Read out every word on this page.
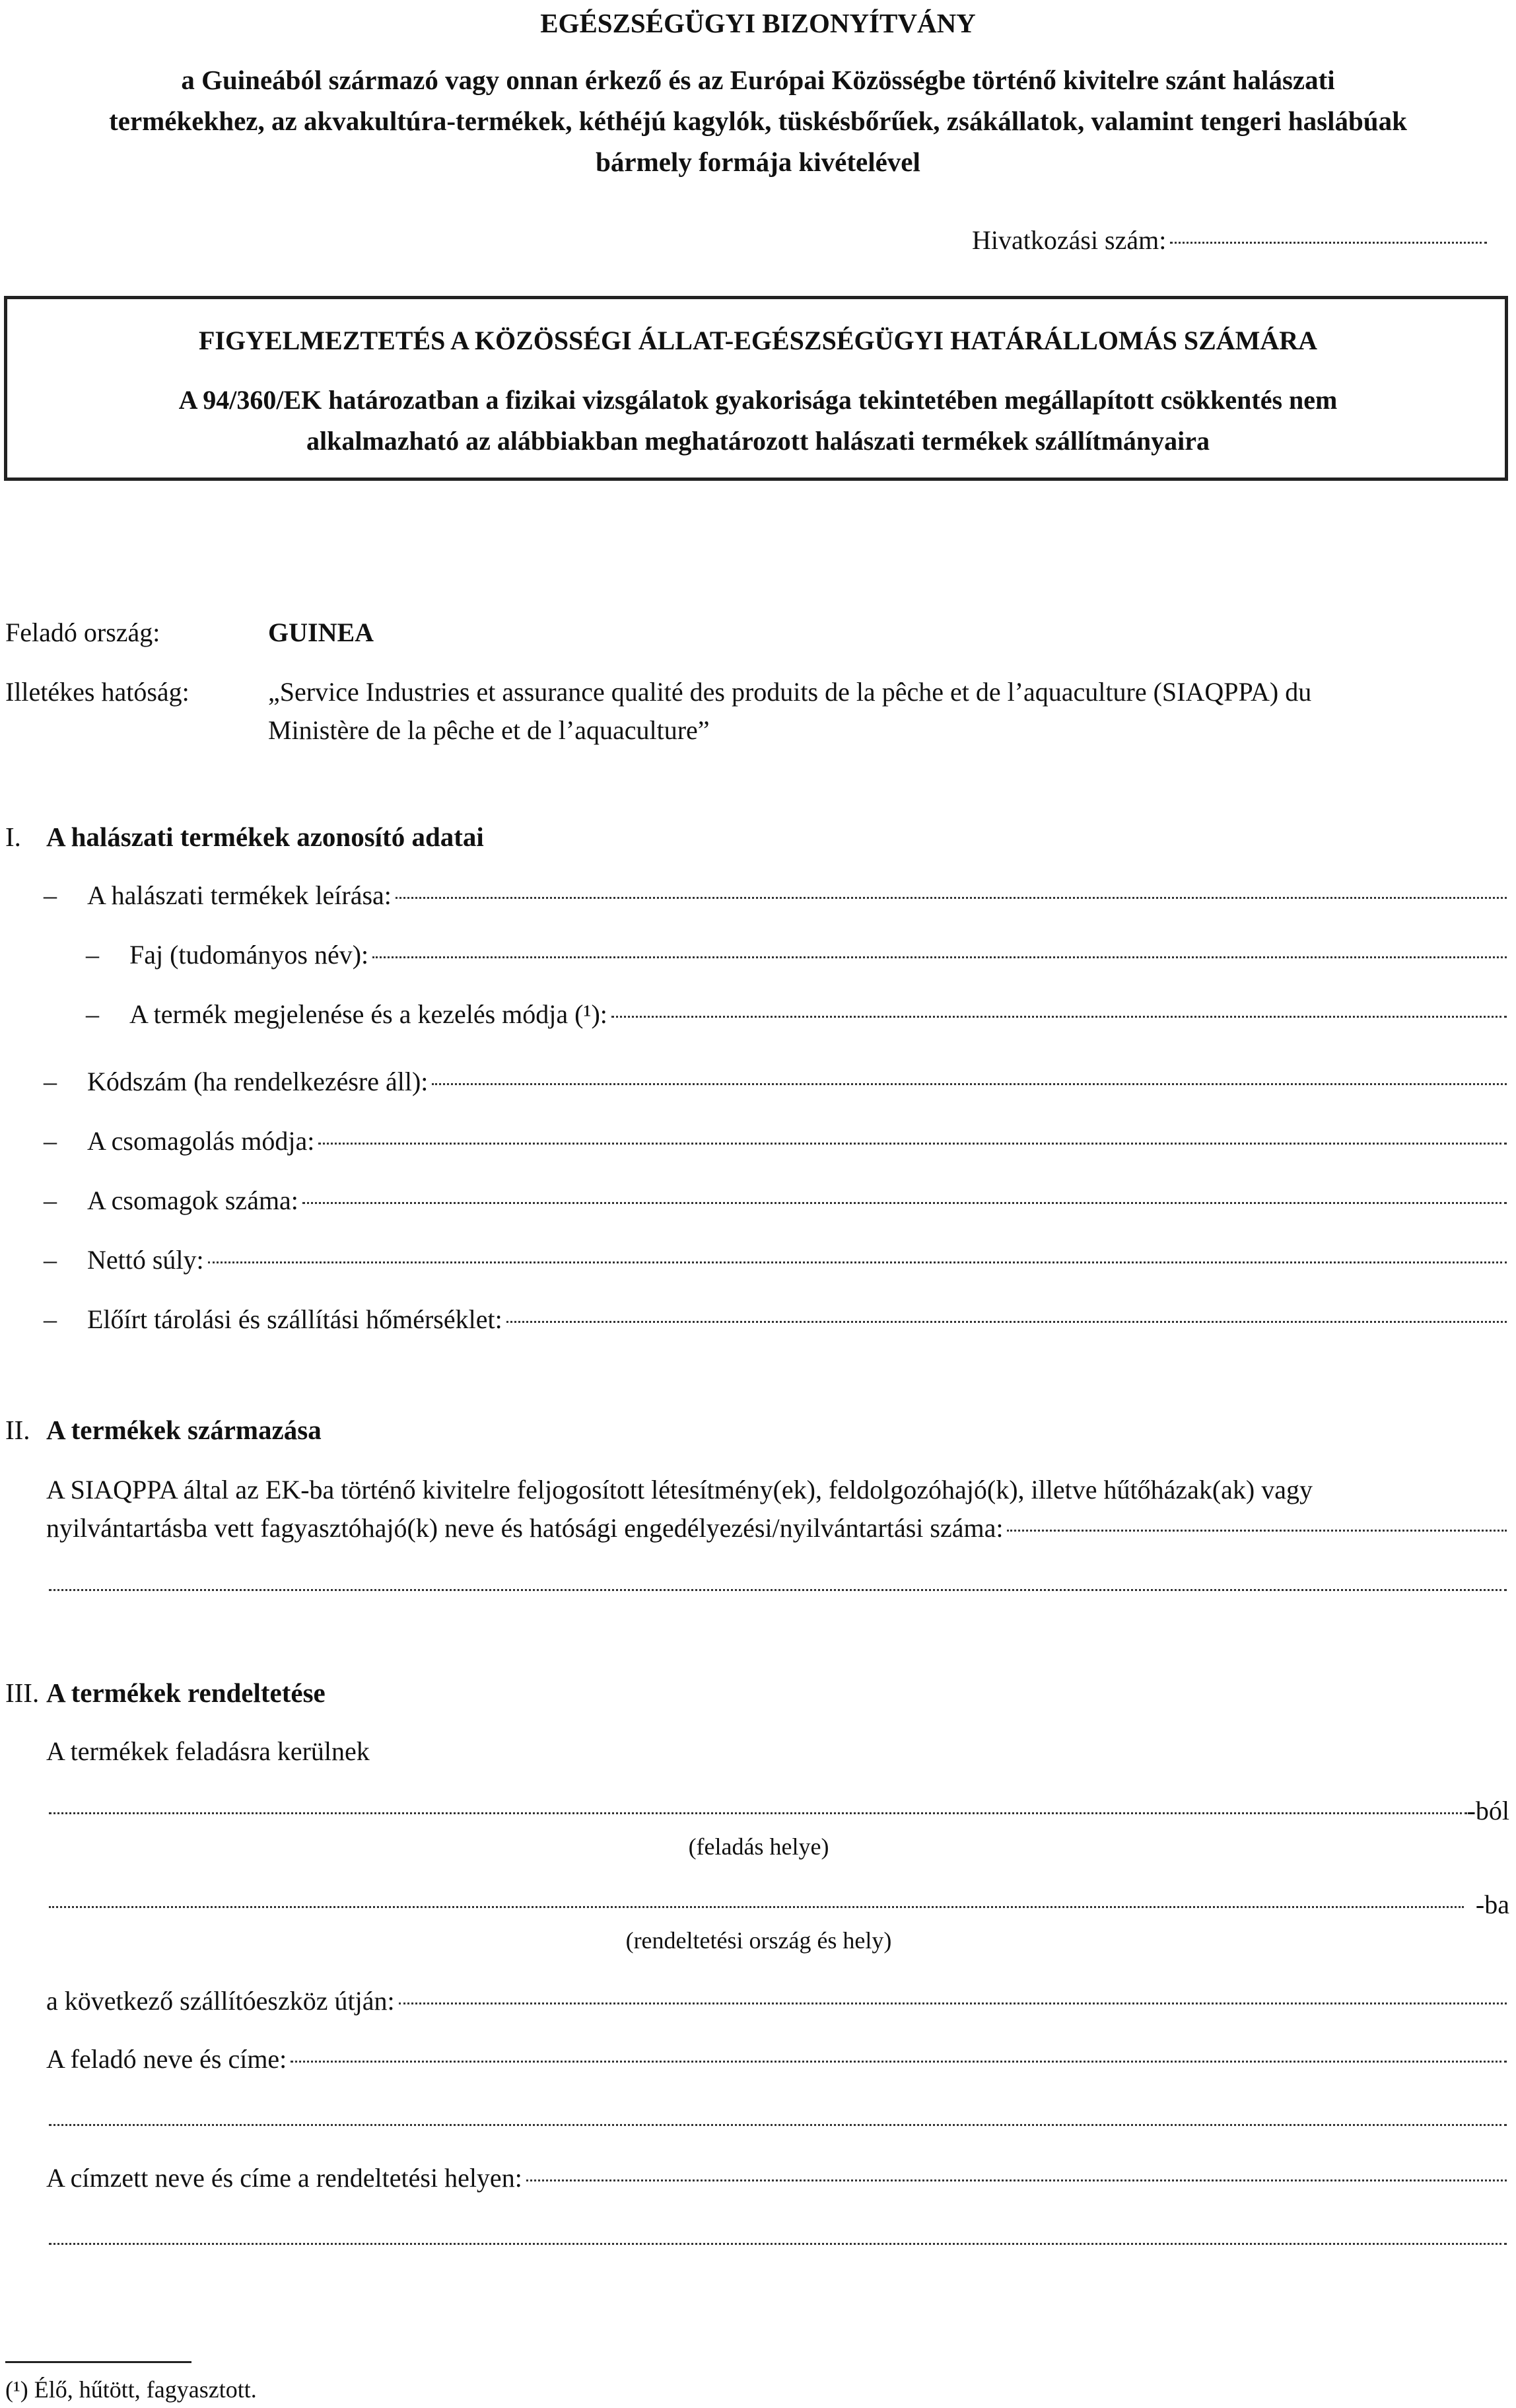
EGÉSZSÉGÜGYI BIZONYÍTVÁNY
a Guineából származó vagy onnan érkező és az Európai Közösségbe történő kivitelre szánt halászati
termékekhez, az akvakultúra-termékek, kéthéjú kagylók, tüskésbőrűek, zsákállatok, valamint tengeri haslábúak
bármely formája kivételével
Hivatkozási szám:
FIGYELMEZTETÉS A KÖZÖSSÉGI ÁLLAT-EGÉSZSÉGÜGYI HATÁRÁLLOMÁS SZÁMÁRA
A 94/360/EK határozatban a fizikai vizsgálatok gyakorisága tekintetében megállapított csökkentés nem
alkalmazható az alábbiakban meghatározott halászati termékek szállítmányaira
Feladó ország:	GUINEA
Illetékes hatóság:	„Service Industries et assurance qualité des produits de la pêche et de l’aquaculture (SIAQPPA) du
Ministère de la pêche et de l’aquaculture”
I. A halászati termékek azonosító adatai
–	A halászati termékek leírása:
–	Faj (tudományos név):
–	A termék megjelenése és a kezelés módja (¹):
–	Kódszám (ha rendelkezésre áll):
–	A csomagolás módja:
–	A csomagok száma:
–	Nettó súly:
–	Előírt tárolási és szállítási hőmérséklet:
II. A termékek származása
A SIAQPPA által az EK-ba történő kivitelre feljogosított létesítmény(ek), feldolgozóhajó(k), illetve hűtőházak(ak) vagy
nyilvántartásba vett fagyasztóhajó(k) neve és hatósági engedélyezési/nyilvántartási száma:
III. A termékek rendeltetése
A termékek feladásra kerülnek
-ból
(feladás helye)
-ba
(rendeltetési ország és hely)
a következő szállítóeszköz útján:
A feladó neve és címe:
A címzett neve és címe a rendeltetési helyen:
(¹) Élő, hűtött, fagyasztott.
